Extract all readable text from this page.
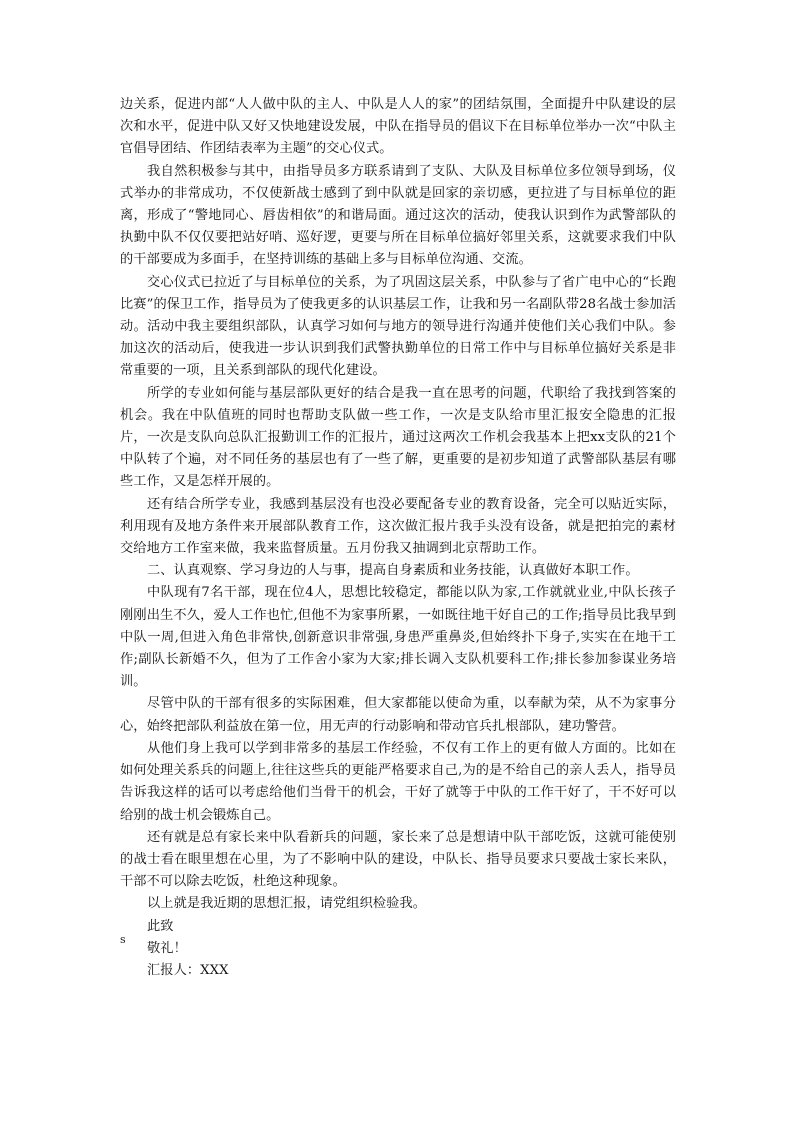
边关系，促进内部“人人做中队的主人、中队是人人的家”的团结氛围，全面提升中队建设的层次和水平，促进中队又好又快地建设发展，中队在指导员的倡议下在目标单位举办一次“中队主官倡导团结、作团结表率为主题”的交心仪式。

我自然积极参与其中，由指导员多方联系请到了支队、大队及目标单位多位领导到场，仪式举办的非常成功，不仅使新战士感到了到中队就是回家的亲切感，更拉进了与目标单位的距离，形成了“警地同心、唇齿相依”的和谐局面。通过这次的活动，使我认识到作为武警部队的执勤中队不仅仅要把站好哨、巡好逻，更要与所在目标单位搞好邻里关系，这就要求我们中队的干部要成为多面手，在坚持训练的基础上多与目标单位沟通、交流。

交心仪式已拉近了与目标单位的关系，为了巩固这层关系，中队参与了省广电中心的“长跑比赛”的保卫工作，指导员为了使我更多的认识基层工作，让我和另一名副队带28名战士参加活动。活动中我主要组织部队，认真学习如何与地方的领导进行沟通并使他们关心我们中队。参加这次的活动后，使我进一步认识到我们武警执勤单位的日常工作中与目标单位搞好关系是非常重要的一项，且关系到部队的现代化建设。

所学的专业如何能与基层部队更好的结合是我一直在思考的问题，代职给了我找到答案的机会。我在中队值班的同时也帮助支队做一些工作，一次是支队给市里汇报安全隐患的汇报片，一次是支队向总队汇报勤训工作的汇报片，通过这两次工作机会我基本上把xx支队的21个中队转了个遍，对不同任务的基层也有了一些了解，更重要的是初步知道了武警部队基层有哪些工作，又是怎样开展的。

还有结合所学专业，我感到基层没有也没必要配备专业的教育设备，完全可以贴近实际，利用现有及地方条件来开展部队教育工作，这次做汇报片我手头没有设备，就是把拍完的素材交给地方工作室来做，我来监督质量。五月份我又抽调到北京帮助工作。

二、认真观察、学习身边的人与事，提高自身素质和业务技能，认真做好本职工作。

中队现有7名干部，现在位4人，思想比较稳定，都能以队为家,工作就就业业,中队长孩子刚刚出生不久，爱人工作也忙,但他不为家事所累，一如既往地干好自己的工作;指导员比我早到中队一周,但进入角色非常快,创新意识非常强,身患严重鼻炎,但始终扑下身子,实实在在地干工作;副队长新婚不久，但为了工作舍小家为大家;排长调入支队机要科工作;排长参加参谋业务培训。

尽管中队的干部有很多的实际困难，但大家都能以使命为重，以奉献为荣，从不为家事分心，始终把部队利益放在第一位，用无声的行动影响和带动官兵扎根部队，建功警营。

从他们身上我可以学到非常多的基层工作经验，不仅有工作上的更有做人方面的。比如在如何处理关系兵的问题上,往往这些兵的更能严格要求自己,为的是不给自己的亲人丢人，指导员告诉我这样的话可以考虑给他们当骨干的机会，干好了就等于中队的工作干好了，干不好可以给别的战士机会锻炼自己。

还有就是总有家长来中队看新兵的问题，家长来了总是想请中队干部吃饭，这就可能使别的战士看在眼里想在心里，为了不影响中队的建设，中队长、指导员要求只要战士家长来队，干部不可以除去吃饭，杜绝这种现象。

以上就是我近期的思想汇报，请党组织检验我。

此致

敬礼！

汇报人：XXX

s
